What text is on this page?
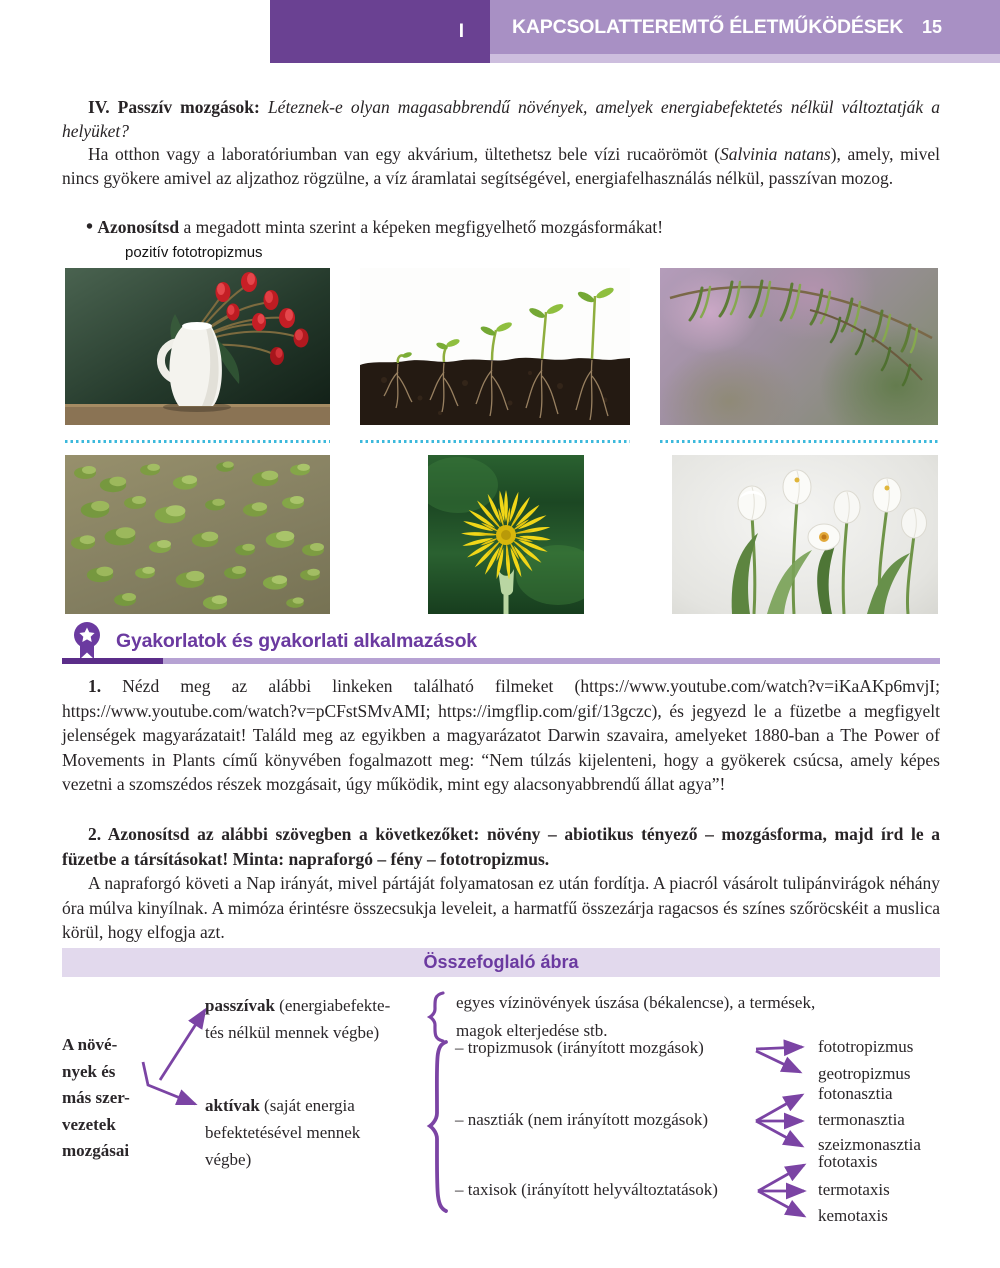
I	KAPCSOLATTEREMTŐ ÉLETMŰKÖDÉSEK 15

IV. Passzív mozgások: Léteznek-e olyan magasabbrendű növények, amelyek energiabefektetés nélkül változtatják a helyüket?

Ha otthon vagy a laboratóriumban van egy akvárium, ültethetsz bele vízi rucaörömöt (Salvinia natans), amely, mivel nincs gyökere amivel az aljzathoz rögzülne, a víz áramlatai segítségével, energiafelhasználás nélkül, passzívan mozog.

• Azonosítsd a megadott minta szerint a képeken megfigyelhető mozgásformákat!

pozitív fototropizmus
Gyakorlatok és gyakorlati alkalmazások

1. Nézd meg az alábbi linkeken található filmeket (https://www.youtube.com/watch?v=iKaAKp6mvjI; https://www.youtube.com/watch?v=pCFstSMvAMI; https://imgflip.com/gif/13gczc), és jegyezd le a füzetbe a megfigyelt jelenségek magyarázatait! Találd meg az egyikben a magyarázatot Darwin szavaira, amelyeket 1880-ban a The Power of Movements in Plants című könyvében fogalmazott meg: “Nem túlzás kijelenteni, hogy a gyökerek csúcsa, amely képes vezetni a szomszédos részek mozgásait, úgy működik, mint egy alacsonyabbrendű állat agya”!

2. Azonosítsd az alábbi szövegben a következőket: növény – abiotikus tényező – mozgásforma, majd írd le a füzetbe a társításokat! Minta: napraforgó – fény – fototropizmus.

A napraforgó követi a Nap irányát, mivel pártáját folyamatosan ez után fordítja. A piacról vásárolt tulipánvirágok néhány óra múlva kinyílnak. A mimóza érintésre összecsukja leveleit, a harmatfű összezárja ragacsos és színes szőröcskéit a muslica körül, hogy elfogja azt.

Összefoglaló ábra
A növé-
nyek és
más szer-
vezetek
mozgásai
passzívak (energiabefekte-
tés nélkül mennek végbe)
egyes vízinövények úszása (békalencse), a termések,
magok elterjedése stb.
aktívak (saját energia
befektetésével mennek
végbe)
– tropizmusok (irányított mozgások)
– nasztiák (nem irányított mozgások)
– taxisok (irányított helyváltoztatások)
fototropizmus
geotropizmus
fotonasztia
termonasztia
szeizmonasztia
fototaxis
termotaxis
kemotaxis
